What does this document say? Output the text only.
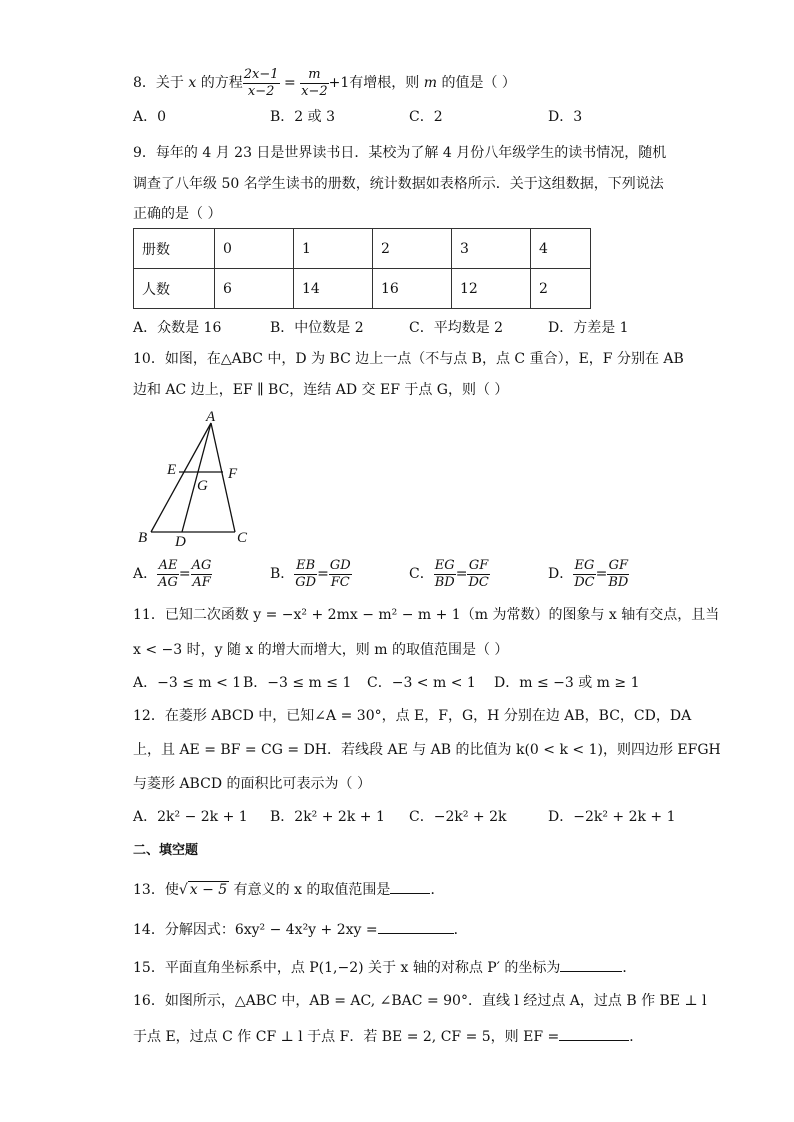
8．关于 x 的方程 $\frac{2x-1}{x-2} = \frac{m}{x-2} +1$有增根，则 m 的值是（ ）
A．0	B．2 或 3	C．2	D．3
9．每年的 4 月 23 日是世界读书日．某校为了解 4 月份八年级学生的读书情况，随机
调查了八年级 50 名学生读书的册数，统计数据如表格所示．关于这组数据，下列说法
正确的是（ ）
册数	0	1	2	3	4
人数	6	14	16	12	2
A．众数是 16	B．中位数是 2	C．平均数是 2	D．方差是 1
10．如图，在△ABC 中，D 为 BC 边上一点（不与点 B，点 C 重合），E，F 分别在 AB
边和 AC 边上，EF ∥ BC，连结 AD 交 EF 于点 G，则（ ）
A
E	F
G
B D	C
A． $\frac{AE}{AG} = \frac{AG}{AF}$	B． $\frac{EB}{GD} = \frac{GD}{FC}$	C． $\frac{EG}{BD} = \frac{GF}{DC}$	D． $\frac{EG}{DC} = \frac{GF}{BD}$
11．已知二次函数 y = −x² + 2mx − m² − m + 1（m 为常数）的图象与 x 轴有交点，且当
x < −3 时，y 随 x 的增大而增大，则 m 的取值范围是（ ）
A．−3 ≤ m < 1 B．−3 ≤ m ≤ 1 C．−3 < m < 1 D．m ≤ −3 或 m ≥ 1
12．在菱形 ABCD 中，已知∠A = 30°，点 E，F，G，H 分别在边 AB，BC，CD，DA
上，且 AE = BF = CG = DH．若线段 AE 与 AB 的比值为 k(0 < k < 1)，则四边形 EFGH
与菱形 ABCD 的面积比可表示为（ ）
A．2k² − 2k + 1 B．2k² + 2k + 1 C．−2k² + 2k	D．−2k² + 2k + 1
二、填空题
13．使√ x − 5 有意义的 x 的取值范围是	．
14．分解因式：6xy² − 4x²y + 2xy =	．
15．平面直角坐标系中，点 P(1,−2) 关于 x 轴的对称点 P′ 的坐标为	．
16．如图所示，△ABC 中，AB = AC, ∠BAC = 90°．直线 l 经过点 A，过点 B 作 BE ⊥ l
于点 E，过点 C 作 CF ⊥ l 于点 F．若 BE = 2, CF = 5，则 EF =	．
